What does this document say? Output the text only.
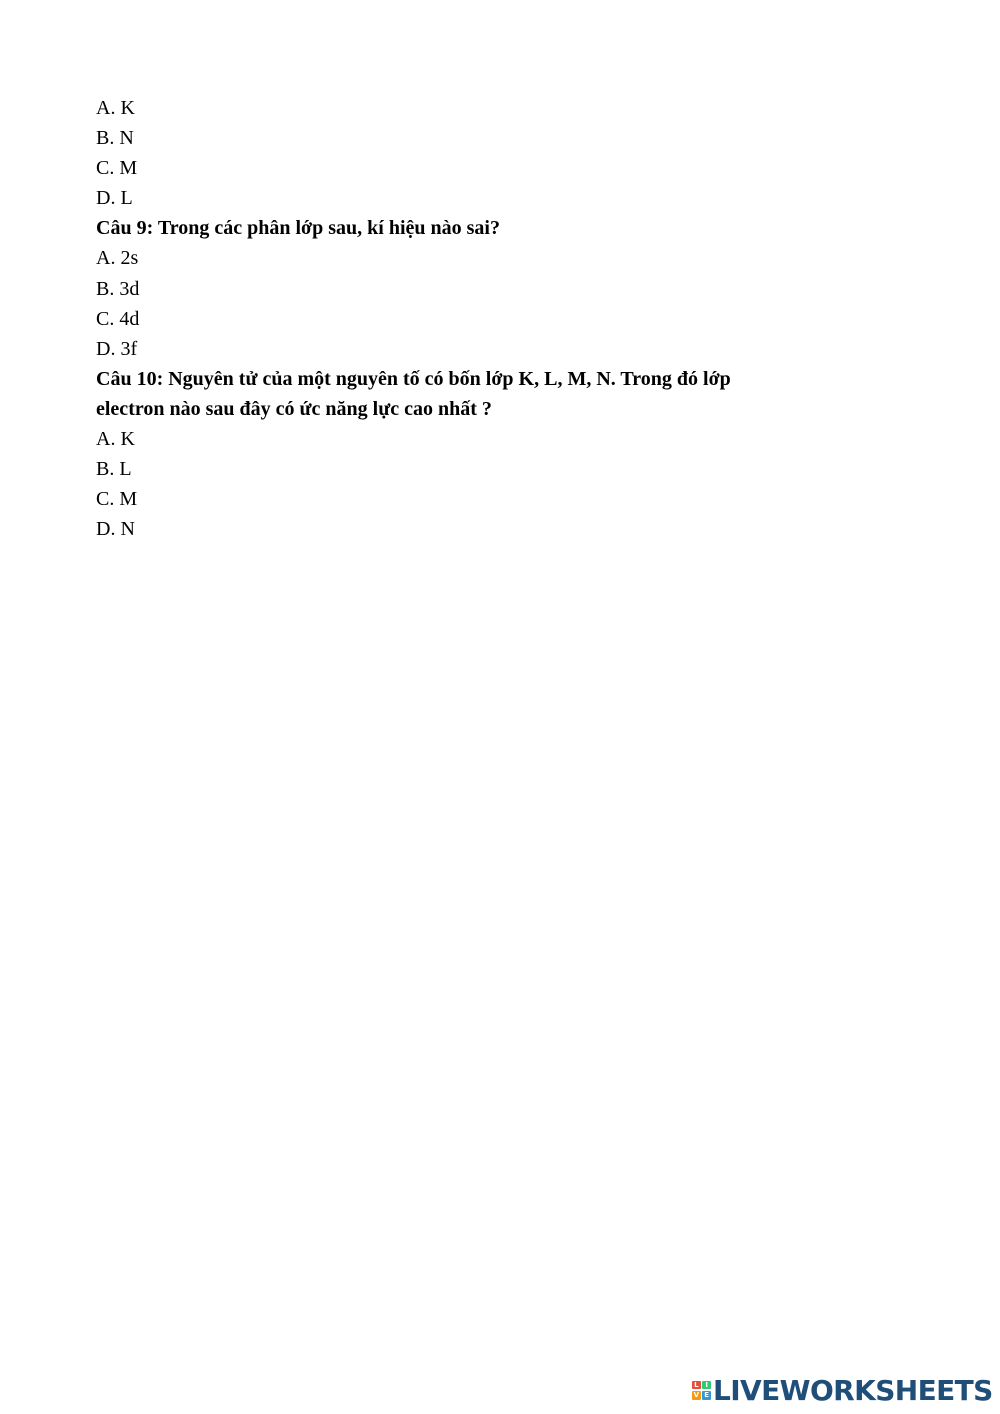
A. K
B. N
C. M
D. L
Câu 9: Trong các phân lớp sau, kí hiệu nào sai?
A. 2s
B. 3d
C. 4d
D. 3f
Câu 10: Nguyên tử của một nguyên tố có bốn lớp K, L, M, N. Trong đó lớp
electron nào sau đây có ức năng lực cao nhất ?
A. K
B. L
C. M
D. N
L I
V E LIVEWORKSHEETS
